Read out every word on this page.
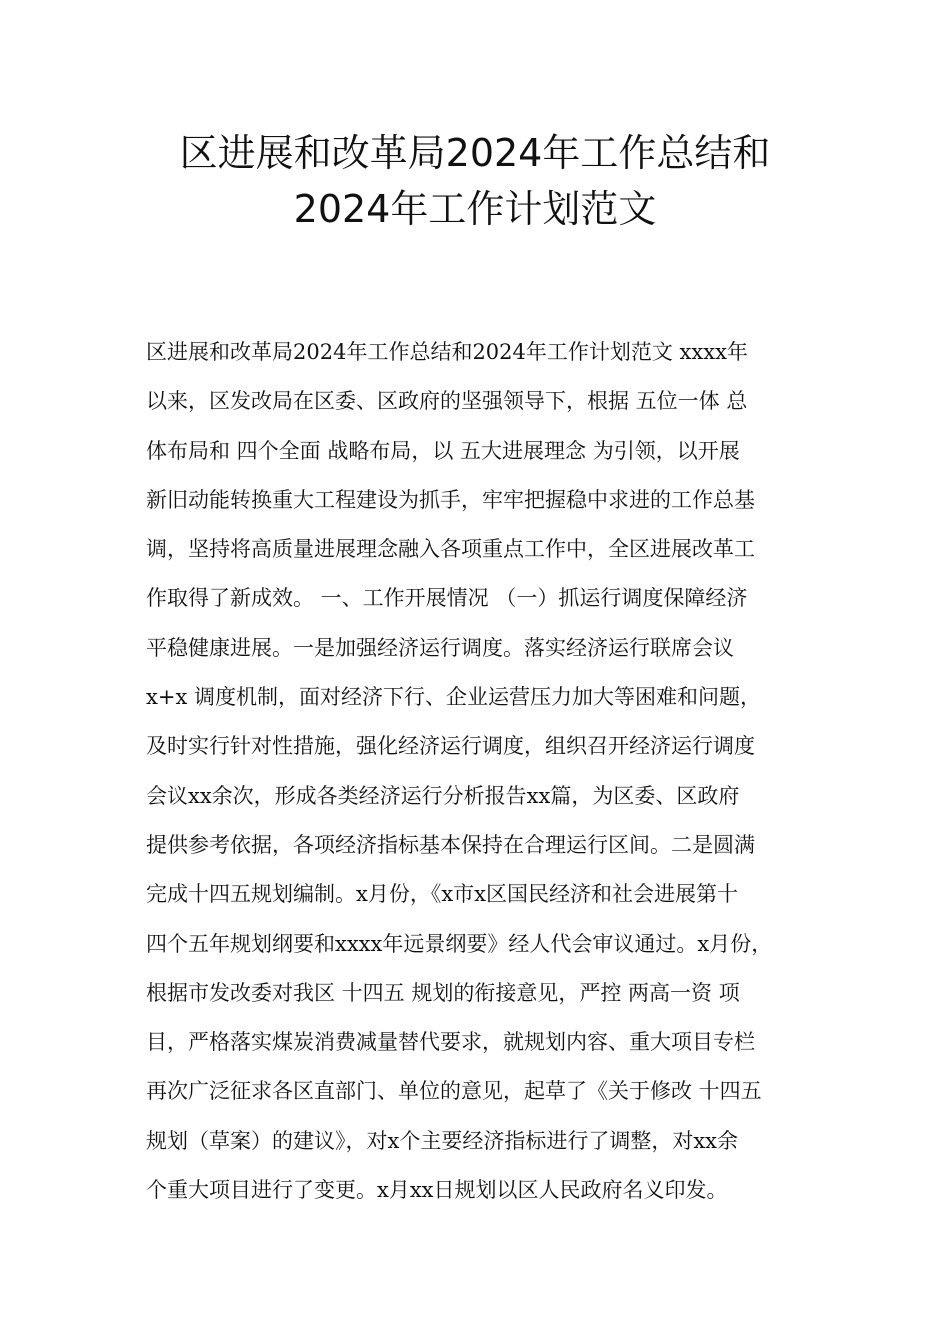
区进展和改革局2024年工作总结和
2024年工作计划范文
区进展和改革局2024年工作总结和2024年工作计划范文 xxxx年
以来，区发改局在区委、区政府的坚强领导下，根据 五位一体 总
体布局和 四个全面 战略布局，以 五大进展理念 为引领，以开展
新旧动能转换重大工程建设为抓手，牢牢把握稳中求进的工作总基
调，坚持将高质量进展理念融入各项重点工作中，全区进展改革工
作取得了新成效。 一、工作开展情况 （一）抓运行调度保障经济
平稳健康进展。一是加强经济运行调度。落实经济运行联席会议
x+x 调度机制，面对经济下行、企业运营压力加大等困难和问题，
及时实行针对性措施，强化经济运行调度，组织召开经济运行调度
会议xx余次，形成各类经济运行分析报告xx篇，为区委、区政府
提供参考依据，各项经济指标基本保持在合理运行区间。二是圆满
完成十四五规划编制。x月份，《x市x区国民经济和社会进展第十
四个五年规划纲要和xxxx年远景纲要》经人代会审议通过。x月份，
根据市发改委对我区 十四五 规划的衔接意见，严控 两高一资 项
目，严格落实煤炭消费减量替代要求，就规划内容、重大项目专栏
再次广泛征求各区直部门、单位的意见，起草了《关于修改 十四五
规划（草案）的建议》，对x个主要经济指标进行了调整，对xx余
个重大项目进行了变更。x月xx日规划以区人民政府名义印发。
